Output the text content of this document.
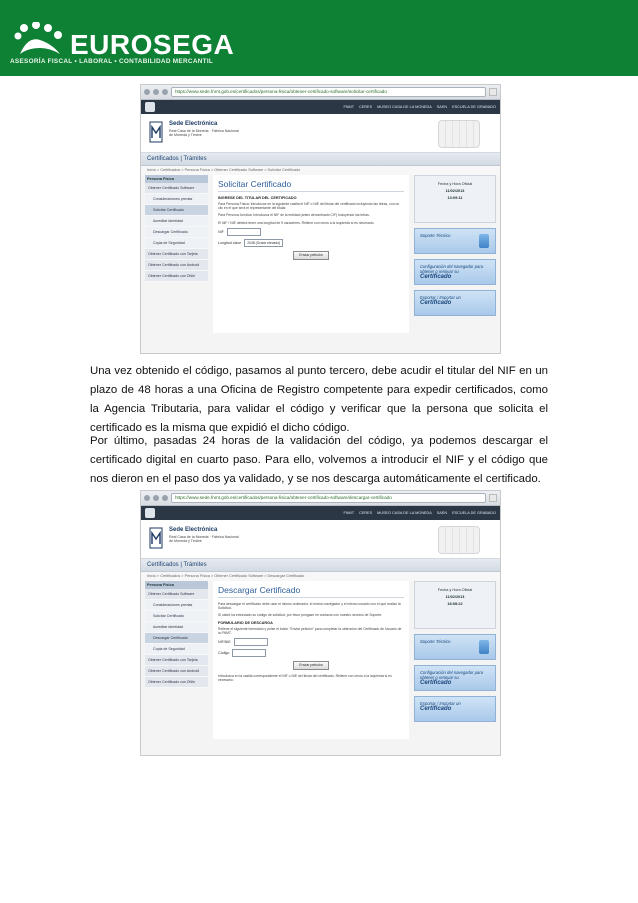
EUROSEGA
ASESORÍA FISCAL • LABORAL • CONTABILIDAD MERCANTIL
https://www.sede.fnmt.gob.es/certificados/persona-fisica/obtener-certificado-software/solicitar-certificado
FNMT CERES MUSEO CASA DE LA MONEDA SAEN ESCUELA DE GRABADO
Sede Electrónica
Real Casa de la Moneda · Fábrica Nacional de Moneda y Timbre
Certificados | Trámites
Inicio > Certificados > Persona Física > Obtener Certificado Software > Solicitar Certificado
Persona Física
Obtener Certificado Software
Consideraciones previas
Solicitar Certificado
Acreditar identidad
Descargar Certificado
Copia de Seguridad
Obtener Certificado con Tarjeta
Obtener Certificado con Android
Obtener Certificado con DNIe
Solicitar Certificado
INGRESE DEL TITULAR DEL CERTIFICADO
Para Persona Física: Introduzca en la siguiente casilla el NIF o NIE del titular del certificado incluyendo las letras, con un clic en el que será el representante del titular.
Para Persona Jurídica: Introduzca el NIF de la entidad (antes denominado CIF) incluyendo las letras.
El NIF / NIE deberá tener una longitud de 9 caracteres. Rellene con ceros a la izquierda si es necesario.
NIF
Longitud clave	2048 (Grado elevado)
Enviar petición
Fecha y Hora Oficial
11/02/2013
13:09:11
Soporte Técnico
Configuración del navegador para obtener o renovar su
Certificado
Exportar / Importar un
Certificado

Una vez obtenido el código, pasamos al punto tercero, debe acudir el titular del NIF en un plazo de 48 horas a una Oficina de Registro competente para expedir certificados, como la Agencia Tributaria, para validar el código y verificar que la persona que solicita el certificado es la misma que expidió el dicho código.

Por último, pasadas 24 horas de la validación del código, ya podemos descargar el certificado digital en cuarto paso. Para ello, volvemos a introducir el NIF y el código que nos dieron en el paso dos ya validado, y se nos descarga automáticamente el certificado.

https://www.sede.fnmt.gob.es/certificados/persona-fisica/obtener-certificado-software/descargar-certificado
FNMT CERES MUSEO CASA DE LA MONEDA SAEN ESCUELA DE GRABADO
Sede Electrónica
Real Casa de la Moneda · Fábrica Nacional de Moneda y Timbre
Certificados | Trámites
Inicio > Certificados > Persona Física > Obtener Certificado Software > Descargar Certificado
Persona Física
Obtener Certificado Software
Consideraciones previas
Solicitar Certificado
Acreditar identidad
Descargar Certificado
Copia de Seguridad
Obtener Certificado con Tarjeta
Obtener Certificado con Android
Obtener Certificado con DNIe
Descargar Certificado
Para descargar el certificado debe usar el mismo ordenador, el mismo navegador y el mismo usuario con el que realizó la Solicitud.
Si usted ha extraviado su código de solicitud, por favor póngase en contacto con nuestro servicio de Soporte.
FORMULARIO DE DESCARGA
Rellene el siguiente formulario y pulse el botón "Enviar petición" para completar la obtención del Certificado de Usuario de la FNMT.
NIF/NIE
Código
Enviar petición
Introduzca en la casilla correspondiente el NIF o NIE del titular del certificado. Rellene con ceros a la izquierda si es necesario.
Fecha y Hora Oficial
11/02/2013
18:08:22
Soporte Técnico
Configuración del navegador para obtener o renovar su
Certificado
Exportar / Importar un
Certificado
